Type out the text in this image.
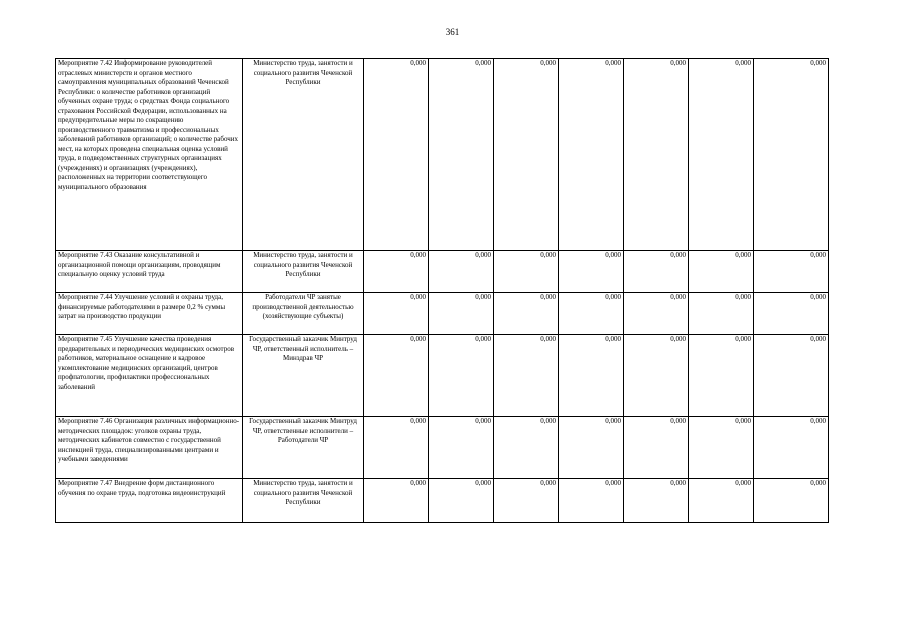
361
Мероприятие 7.42 Информирование руководителей отраслевых министерств и органов местного самоуправления муниципальных образований Чеченской Республики: о количестве работников организаций обученных охране труда; о средствах Фонда социального страхования Российской Федерации, использованных на предупредительные меры по сокращению производственного травматизма и профессиональных заболеваний работников организаций; о количестве рабочих мест, на которых проведена специальная оценка условий труда, в подведомственных структурных организациях (учреждениях) и организациях (учреждениях), расположенных на территории соответствующего муниципального образования	Министерство труда, занятости и социального развития Чеченской Республики	0,000	0,000	0,000	0,000	0,000	0,000	0,000
Мероприятие 7.43 Оказание консультативной и организационной помощи организациям, проводящим специальную оценку условий труда	Министерство труда, занятости и социального развития Чеченской Республики	0,000	0,000	0,000	0,000	0,000	0,000	0,000
Мероприятие 7.44 Улучшение условий и охраны труда, финансируемые работодателями в размере 0,2 % суммы затрат на производство продукции	Работодатели ЧР занятые производственной деятельностью (хозяйствующие субъекты)	0,000	0,000	0,000	0,000	0,000	0,000	0,000
Мероприятие 7.45 Улучшение качества проведения предварительных и периодических медицинских осмотров работников, материальное оснащение и кадровое укомплектование медицинских организаций, центров профпатологии, профилактики профессиональных заболеваний	Государственный заказчик Минтруд ЧР, ответственный исполнитель – Минздрав ЧР	0,000	0,000	0,000	0,000	0,000	0,000	0,000
Мероприятие 7.46 Организация различных информационно-методических площадок: уголков охраны труда, методических кабинетов совместно с государственной инспекцией труда, специализированными центрами и учебными заведениями	Государственный заказчик Минтруд ЧР, ответственные исполнители – Работодатели ЧР	0,000	0,000	0,000	0,000	0,000	0,000	0,000
Мероприятие 7.47 Внедрение форм дистанционного обучения по охране труда, подготовка видеоинструкций	Министерство труда, занятости и социального развития Чеченской Республики	0,000	0,000	0,000	0,000	0,000	0,000	0,000
